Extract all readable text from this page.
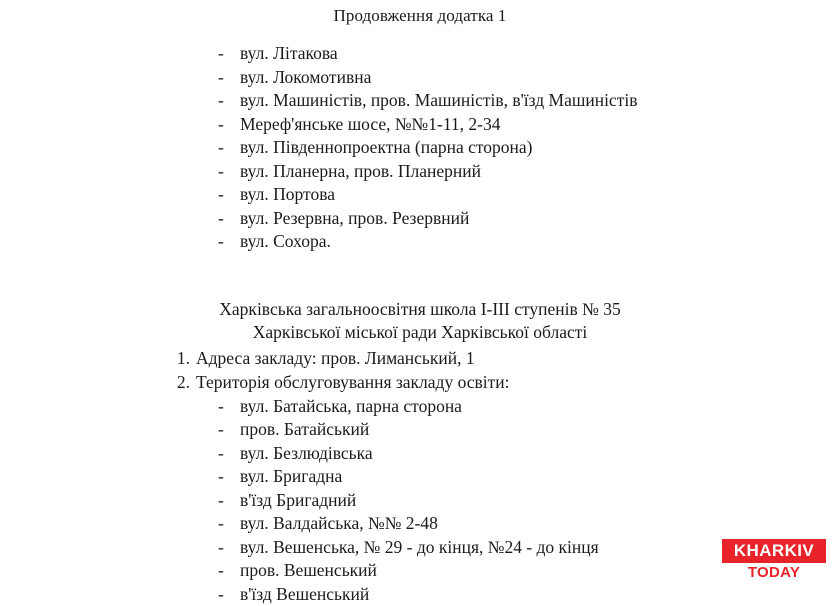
Продовження додатка 1
- вул. Літакова
- вул. Локомотивна
- вул. Машиністів, пров. Машиністів, в'їзд Машиністів
- Мереф'янське шосе, №№1-11, 2-34
- вул. Південнопроектна (парна сторона)
- вул. Планерна, пров. Планерний
- вул. Портова
- вул. Резервна, пров. Резервний
- вул. Сохора.
Харківська загальноосвітня школа I-III ступенів № 35
Харківської міської ради Харківської області
1. Адреса закладу: пров. Лиманський, 1
2. Територія обслуговування закладу освіти:
- вул. Батайська, парна сторона
- пров. Батайський
- вул. Безлюдівська
- вул. Бригадна
- в'їзд Бригадний
- вул. Валдайська, №№ 2-48
- вул. Вешенська, № 29 - до кінця, №24 - до кінця
- пров. Вешенський
- в'їзд Вешенський
KHARKIV
TODAY
